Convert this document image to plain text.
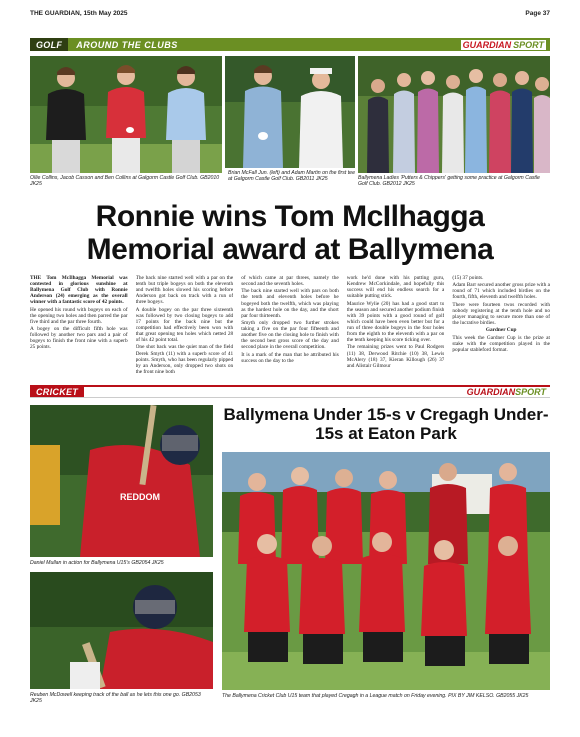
THE GUARDIAN, 15th May 2025	Page 37
GOLF	AROUND THE CLUBS	GUARDIAN SPORT
Ollie Collins, Jacob Casson and Ben Collins at Galgorm Castle Golf Club. GB2010 JK25
Brian McFall Jun. (left) and Adam Martin on the first tee at Galgorm Castle Golf Club. GB2011 JK25	Ballymena Ladies 'Putters & Chippers' getting some practice at Galgorm Castle Golf Club. GB2012 JK25
Ronnie wins Tom McIlhagga Memorial award at Ballymena

THE Tom McIlhagga Memorial was contested in glorious sunshine at Ballymena Golf Club with Ronnie Anderson (24) emerging as the overall winner with a fantastic score of 42 points.

He opened his round with bogeys on each of the opening two holes and then parred the par five third and the par three fourth.

A bogey on the difficult fifth hole was followed by another two pars and a pair of bogeys to finish the front nine with a superb 25 points.

The back nine started well with a par on the tenth but triple bogeys on both the eleventh and twelfth holes slowed his scoring before Anderson got back on track with a run of three bogeys.

A double bogey on the par three sixteenth was followed by two closing bogeys to add 17 points for the back nine but the competition had effectively been won with that great opening ten holes which netted 28 of his 42 point total.

One shot back was the quiet man of the field Derek Smyth (11) with a superb score of 41 points. Smyth, who has been regularly pipped by an Anderson, only dropped two shots on the front nine both

of which came at par threes, namely the second and the seventh holes.

The back nine started well with pars on both the tenth and eleventh holes before he bogeyed both the twelfth, which was playing as the hardest hole on the day, and the short par four thirteenth.

Smyth only dropped two further strokes taking a five on the par four fifteenth and another five on the closing hole to finish with the second best gross score of the day and second place in the overall competition.

It is a mark of the man that he attributed his success on the day to the

work he'd done with his putting guru, Kendrew McCorkindale, and hopefully this success will end his endless search for a suitable putting stick.

Maurice Wylie (20) has had a good start to the season and secured another podium finish with 39 points with a good round of golf which could have been even better but for a run of three double bogeys in the four holes from the eighth to the eleventh with a par on the tenth keeping his score ticking over.

The remaining prizes went to Paul Rodgers (11) 38, Derwood Ritchie (10) 38, Lewis McAlery (18) 37, Kieran Killough (26) 37 and Alistair Gilmour

(15) 37 points.

Adam Barr secured another gross prize with a round of 71 which included birdies on the fourth, fifth, eleventh and twelfth holes.

There were fourteen twos recorded with nobody registering at the tenth hole and no player managing to secure more than one of the lucrative birdies.

Gardner Cup

This week the Gardner Cup is the prize at stake with the competition played in the popular stableford format.

CRICKET	GUARDIANSPORT
REDDOM
Daniel Mullan in action for Ballymena U15's GB2054 JK25
Reuben McDowell keeping track of the ball as he lets this one go. GB2053 JK25
Ballymena Under 15-s v Cregagh Under-15s at Eaton Park
The Ballymena Cricket Club U15 team that played Cregagh in a League match on Friday evening. PIX BY JIM KELSO. GB2055 JK25
